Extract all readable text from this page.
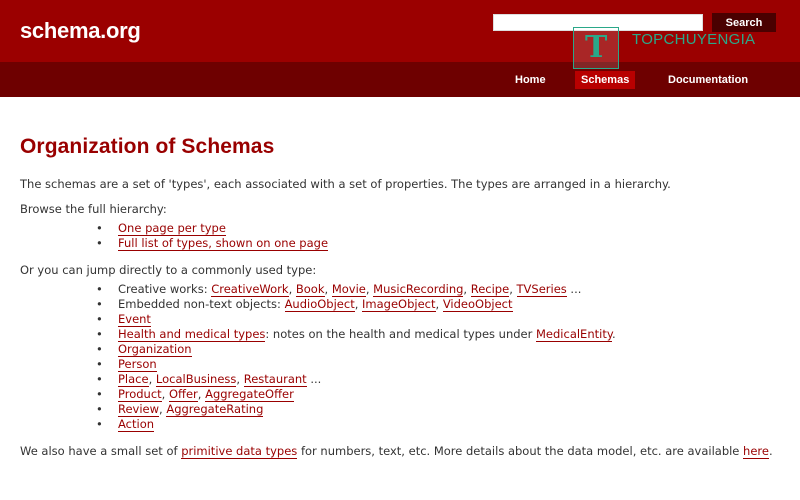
schema.org	Search
T TOPCHUYENGIA
Home	Schemas	Documentation
Organization of Schemas

The schemas are a set of 'types', each associated with a set of properties. The types are arranged in a hierarchy.

Browse the full hierarchy:

• One page per type
• Full list of types, shown on one page

Or you can jump directly to a commonly used type:

• Creative works: CreativeWork, Book, Movie, MusicRecording, Recipe, TVSeries ...
• Embedded non-text objects: AudioObject, ImageObject, VideoObject
• Event
• Health and medical types: notes on the health and medical types under MedicalEntity.
• Organization
• Person
• Place, LocalBusiness, Restaurant ...
• Product, Offer, AggregateOffer
• Review, AggregateRating
• Action

We also have a small set of primitive data types for numbers, text, etc. More details about the data model, etc. are available here.
